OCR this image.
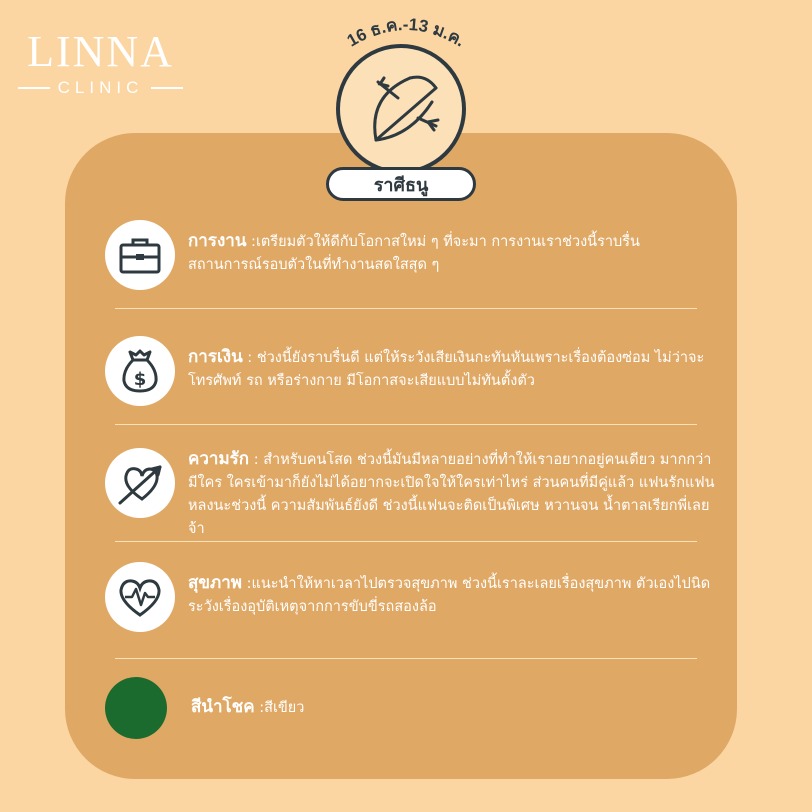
LINNA
CLINIC
16 ธ.ค.-13 ม.ค.
ราศีธนู
การงาน :เตรียมตัวให้ดีกับโอกาสใหม่ ๆ ที่จะมา การงานเราช่วงนี้ราบรื่น สถานการณ์รอบตัวในที่ทำงานสดใสสุด ๆ
$
การเงิน : ช่วงนี้ยังราบรื่นดี แต่ให้ระวังเสียเงินกะทันหันเพราะเรื่องต้องซ่อม ไม่ว่าจะโทรศัพท์ รถ หรือร่างกาย มีโอกาสจะเสียแบบไม่ทันตั้งตัว
ความรัก : สำหรับคนโสด ช่วงนี้มันมีหลายอย่างที่ทำให้เราอยากอยู่คนเดียว มากกว่ามีใคร ใครเข้ามาก็ยังไม่ได้อยากจะเปิดใจให้ใครเท่าไหร่ ส่วนคนที่มีคู่แล้ว แฟนรักแฟนหลงนะช่วงนี้ ความสัมพันธ์ยังดี ช่วงนี้แฟนจะติดเป็นพิเศษ หวานจน น้ำตาลเรียกพี่เลยจ้า
สุขภาพ :แนะนำให้หาเวลาไปตรวจสุขภาพ ช่วงนี้เราละเลยเรื่องสุขภาพ ตัวเองไปนิด ระวังเรื่องอุบัติเหตุจากการขับขี่รถสองล้อ
สีนำโชค :สีเขียว
